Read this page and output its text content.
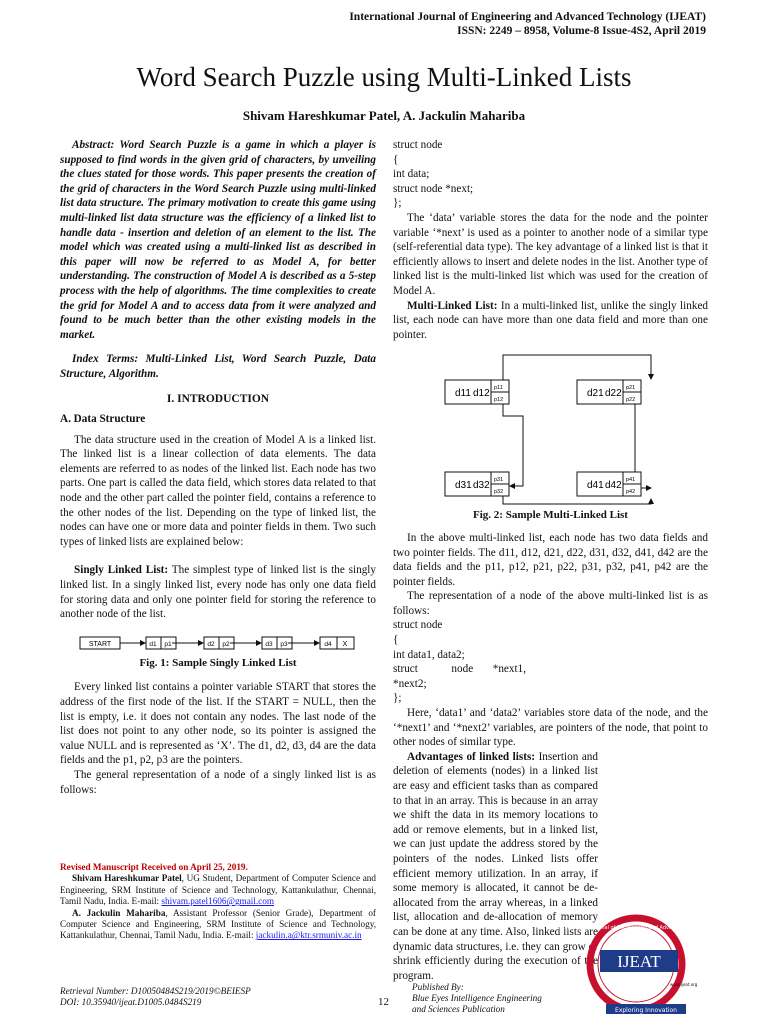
International Journal of Engineering and Advanced Technology (IJEAT)
ISSN: 2249 – 8958, Volume-8 Issue-4S2, April 2019
Word Search Puzzle using Multi-Linked Lists
Shivam Hareshkumar Patel, A. Jackulin Mahariba

Abstract: Word Search Puzzle is a game in which a player is supposed to find words in the given grid of characters, by unveiling the clues stated for those words. This paper presents the creation of the grid of characters in the Word Search Puzzle using multi-linked list data structure. The primary motivation to create this game using multi-linked list data structure was the efficiency of a linked list to handle data - insertion and deletion of an element to the list. The model which was created using a multi-linked list as described in this paper will now be referred to as Model A, for better understanding. The construction of Model A is described as a 5-step process with the help of algorithms. The time complexities to create the grid for Model A and to access data from it were analyzed and found to be much better than the other existing models in the market.

Index Terms: Multi-Linked List, Word Search Puzzle, Data Structure, Algorithm.

I. INTRODUCTION
A. Data Structure

The data structure used in the creation of Model A is a linked list. The linked list is a linear collection of data elements. The data elements are referred to as nodes of the linked list. Each node has two parts. One part is called the data field, which stores data related to that node and the other part called the pointer field, contains a reference to the other nodes of the list. Depending on the type of linked list, the nodes can have one or more data and pointer fields in them. Two such types of linked lists are explained below:

Singly Linked List: The simplest type of linked list is the singly linked list. In a singly linked list, every node has only one data field for storing data and only one pointer field for storing the reference to another node of the list.

START	d1 p1	d2 p2	d3 p3	d4 X
Fig. 1: Sample Singly Linked List

Every linked list contains a pointer variable START that stores the address of the first node of the list. If the START = NULL, then the list is empty, i.e. it does not contain any nodes. The last node of the list does not point to any other node, so its pointer is assigned the value NULL and is represented as ‘X’. The d1, d2, d3, d4 are the data fields and the p1, p2, p3 are the pointers.

The general representation of a node of a singly linked list is as follows:

Revised Manuscript Received on April 25, 2019.
Shivam Hareshkumar Patel, UG Student, Department of Computer Science and Engineering, SRM Institute of Science and Technology, Kattankulathur, Chennai, Tamil Nadu, India. E-mail: shivam.patel1606@gmail.com
A. Jackulin Mahariba, Assistant Professor (Senior Grade), Department of Computer Science and Engineering, SRM Institute of Science and Technology, Kattankulathur, Chennai, Tamil Nadu, India. E-mail: jackulin.a@ktr.srmuniv.ac.in
Retrieval Number: D10050484S219/2019©BEIESP
DOI: 10.35940/ijeat.D1005.0484S219	12
Published By:
Blue Eyes Intelligence Engineering
and Sciences Publication
struct node
{
int data;
struct node *next;
};

The ‘data’ variable stores the data for the node and the pointer variable ‘*next’ is used as a pointer to another node of a similar type (self-referential data type). The key advantage of a linked list is that it efficiently allows to insert and delete nodes in the list. Another type of linked list is the multi-linked list which was used for the creation of Model A.

Multi-Linked List: In a multi-linked list, unlike the singly linked list, each node can have more than one data field and more than one pointer.

d11 d12 p11
p12
d21 d22 p21
p22
d31 d32 p31
p32
d41 d42 p41
p42
Fig. 2: Sample Multi-Linked List

In the above multi-linked list, each node has two data fields and two pointer fields. The d11, d12, d21, d22, d31, d32, d41, d42 are the data fields and the p11, p12, p21, p22, p31, p32, p41, p42 are the pointer fields.

The representation of a node of the above multi-linked list is as follows:

struct node
{
int data1, data2;
struct            node       *next1,
*next2;
};

Here, ‘data1’ and ‘data2’ variables store data of the node, and the ‘*next1’ and ‘*next2’ variables, are pointers of the node, that point to other nodes of similar type.

Advantages of linked lists: Insertion and deletion of elements (nodes) in a linked list are easy and efficient tasks than as compared to that in an array. This is because in an array we shift the data in its memory locations to add or remove elements, but in a linked list, we can just update the address stored by the pointers of the nodes. Linked lists offer efficient memory utilization. In an array, if some memory is allocated, it cannot be de-allocated from the array whereas, in a linked list, allocation and de-allocation of memory can be done at any time. Also, linked lists are dynamic data structures, i.e. they can grow or shrink efficiently during the execution of the program.

International Journal of Engineering and Advanced Technology
IJEAT
www.ijeat.org
Exploring Innovation
